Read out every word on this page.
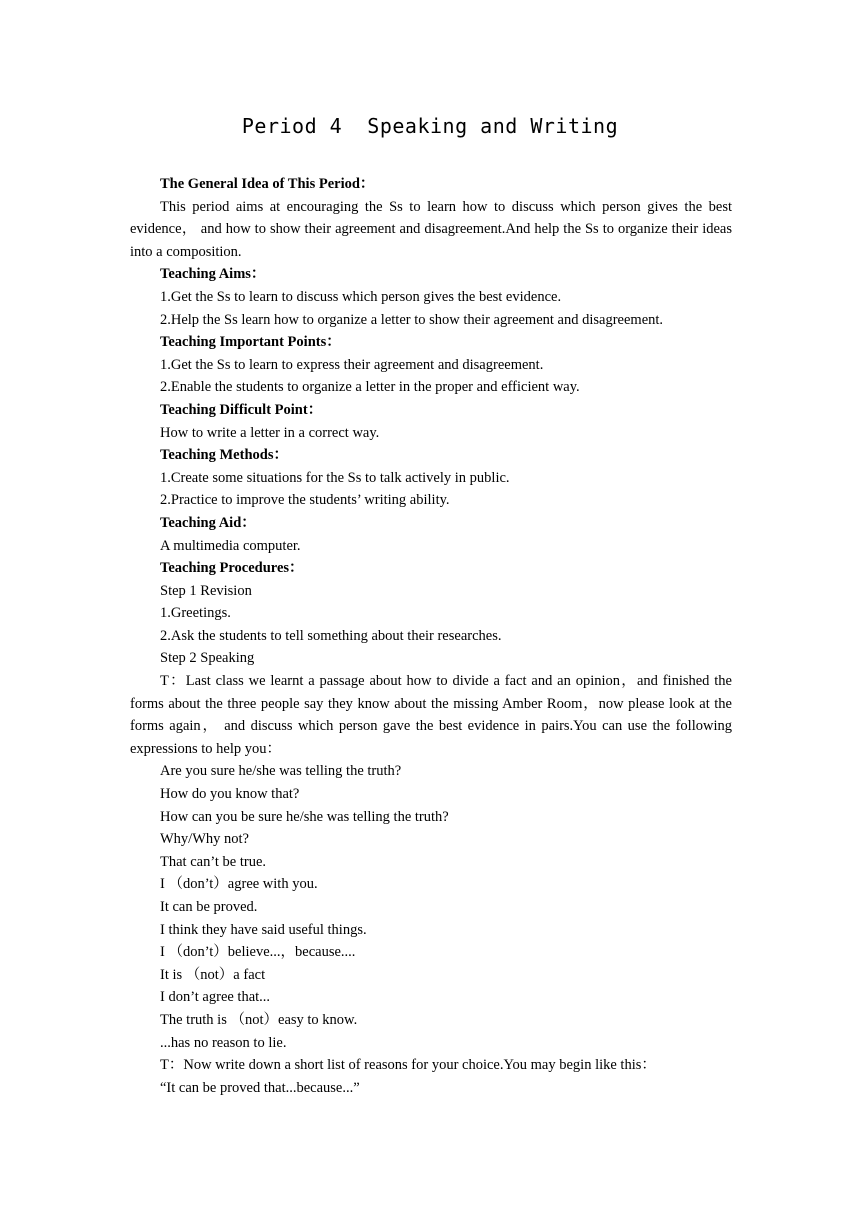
Period 4  Speaking and Writing

The General Idea of This Period：

This period aims at encouraging the Ss to learn how to discuss which person gives the best evidence， and how to show their agreement and disagreement.And help the Ss to organize their ideas into a composition.

Teaching Aims：

1.Get the Ss to learn to discuss which person gives the best evidence.

2.Help the Ss learn how to organize a letter to show their agreement and disagreement.

Teaching Important Points：

1.Get the Ss to learn to express their agreement and disagreement.

2.Enable the students to organize a letter in the proper and efficient way.

Teaching Difficult Point：

How to write a letter in a correct way.

Teaching Methods：

1.Create some situations for the Ss to talk actively in public.

2.Practice to improve the students’ writing ability.

Teaching Aid：

A multimedia computer.

Teaching Procedures：

Step 1 Revision

1.Greetings.

2.Ask the students to tell something about their researches.

Step 2 Speaking

T：Last class we learnt a passage about how to divide a fact and an opinion，and finished the forms about the three people say they know about the missing Amber Room，now please look at the forms again， and discuss which person gave the best evidence in pairs.You can use the following expressions to help you：

Are you sure he/she was telling the truth?

How do you know that?

How can you be sure he/she was telling the truth?

Why/Why not?

That can’t be true.

I （don’t）agree with you.

It can be proved.

I think they have said useful things.

I （don’t）believe...，because....

It is （not）a fact

I don’t agree that...

The truth is （not）easy to know.

...has no reason to lie.

T：Now write down a short list of reasons for your choice.You may begin like this：

“It can be proved that...because...”
